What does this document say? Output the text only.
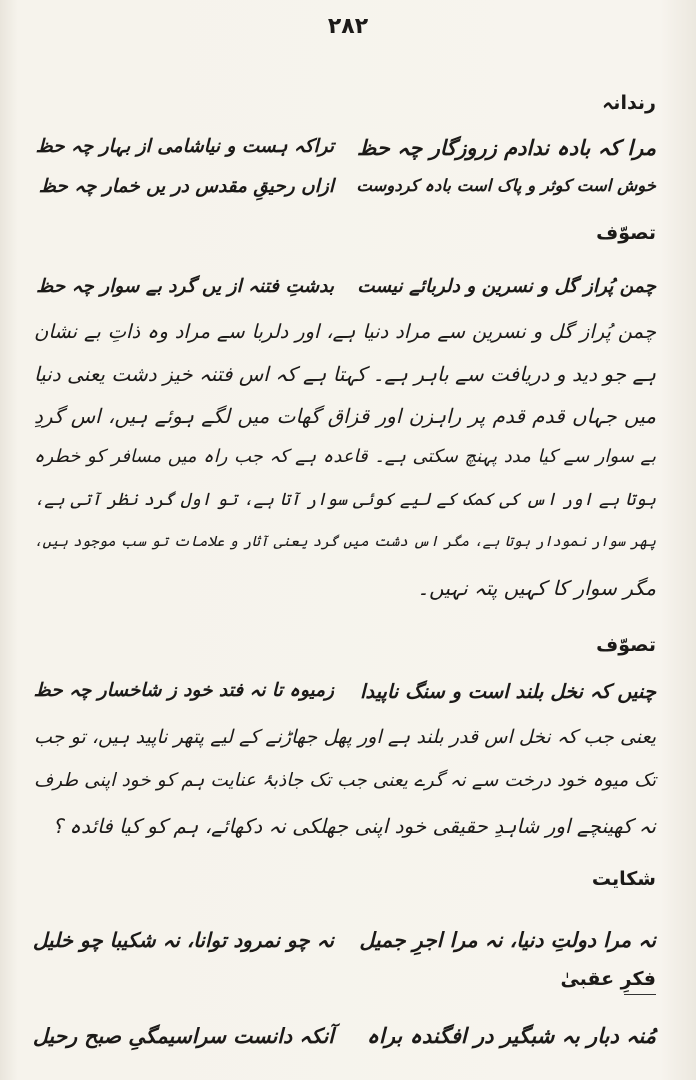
۲۸۲
رندانہ
مرا کہ بادہ ندادم زروزگار چہ حظ
تراکہ ہست و نیاشامی از بہار چہ حظ
خوش است کوثر و پاک است بادہ کردوست
ازاں رحیقِ مقدس در یں خمار چہ حظ
تصوّف
چمن پُراز گل و نسرین و دلربائے نیست
بدشتِ فتنہ از یں گرد بے سوار چہ حظ
چمن پُراز گل و نسرین سے مراد دنیا ہے، اور دلربا سے مراد وہ ذاتِ بے نشان
ہے جو دید و دریافت سے باہر ہے۔ کہتا ہے کہ اس فتنہ خیز دشت یعنی دنیا
میں جہاں قدم قدم پر راہزن اور قزاق گھات میں لگے ہوئے ہیں، اس گردِ
بے سوار سے کیا مدد پہنچ سکتی ہے۔ قاعدہ ہے کہ جب راہ میں مسافر کو خطرہ
ہوتا ہے اور اس کی کمک کے لیے کوئی سوار آتا ہے، تو اول گرد نظر آتی ہے،
پھر سوار نمودار ہوتا ہے، مگر اس دشت میں گرد یعنی آثار و علامات تو سب موجود ہیں،
مگر سوار کا کہیں پتہ نہیں۔
تصوّف
چنیں کہ نخل بلند است و سنگ ناپیدا
زمیوہ تا نہ فتد خود ز شاخسار چہ حظ
یعنی جب کہ نخل اس قدر بلند ہے اور پھل جھاڑنے کے لیے پتھر ناپید ہیں، تو جب
تک میوہ خود درخت سے نہ گرے یعنی جب تک جاذبۂ عنایت ہم کو خود اپنی طرف
نہ کھینچے اور شاہدِ حقیقی خود اپنی جھلکی نہ دکھائے، ہم کو کیا فائدہ ؟
شکایت
نہ مرا دولتِ دنیا، نہ مرا اجرِ جمیل
نہ چو نمرود توانا، نہ شکیبا چو خلیل
فکرِ عقبیٰ
مُنہ دبار بہ شبگیر در افگندہ براہ
آنکہ دانست سراسیمگیِ صبح رحیل
